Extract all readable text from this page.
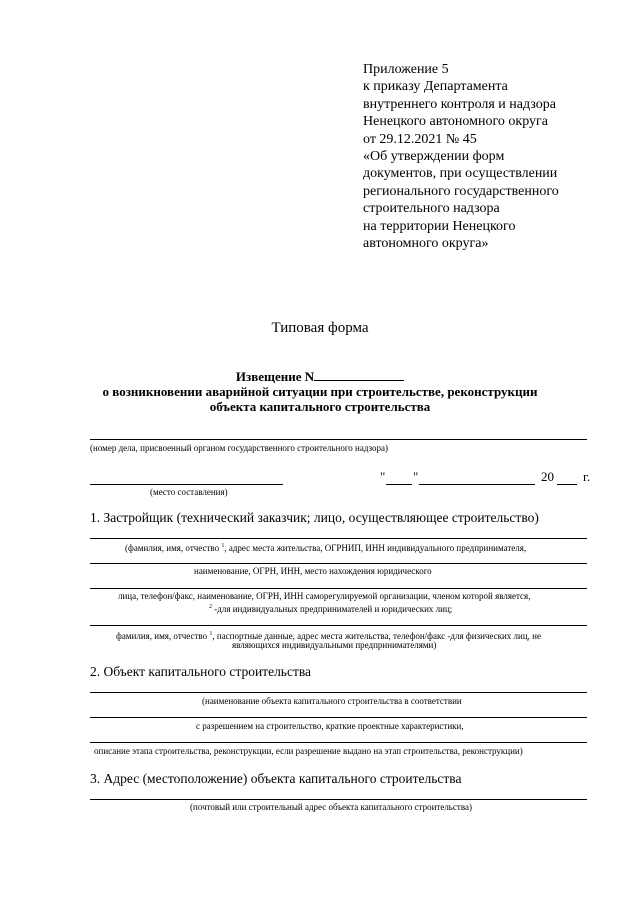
Приложение 5
к приказу Департамента
внутреннего контроля и надзора
Ненецкого автономного округа
от 29.12.2021 № 45
«Об утверждении форм
документов, при осуществлении
регионального государственного
строительного надзора
на территории Ненецкого
автономного округа»
Типовая форма
Извещение N
о возникновении аварийной ситуации при строительстве, реконструкции
объекта капитального строительства
(номер дела, присвоенный органом государственного строительного надзора)
(место составления)
" "	20 г.
1. Застройщик (технический заказчик; лицо, осуществляющее строительство)
(фамилия, имя, отчество $^1$, адрес места жительства, ОГРНИП, ИНН индивидуального предпринимателя,
наименование, ОГРН, ИНН, место нахождения юридического
лица, телефон/факс, наименование, ОГРН, ИНН саморегулируемой организации, членом которой является,
$^2$ -для индивидуальных предпринимателей и юридических лиц;
фамилия, имя, отчество $^1$, паспортные данные, адрес места жительства, телефон/факс -для физических лиц, не
являющихся индивидуальными предпринимателями)
2. Объект капитального строительства
(наименование объекта капитального строительства в соответствии
с разрешением на строительство, краткие проектные характеристики,
описание этапа строительства, реконструкции, если разрешение выдано на этап строительства, реконструкции)
3. Адрес (местоположение) объекта капитального строительства
(почтовый или строительный адрес объекта капитального строительства)
